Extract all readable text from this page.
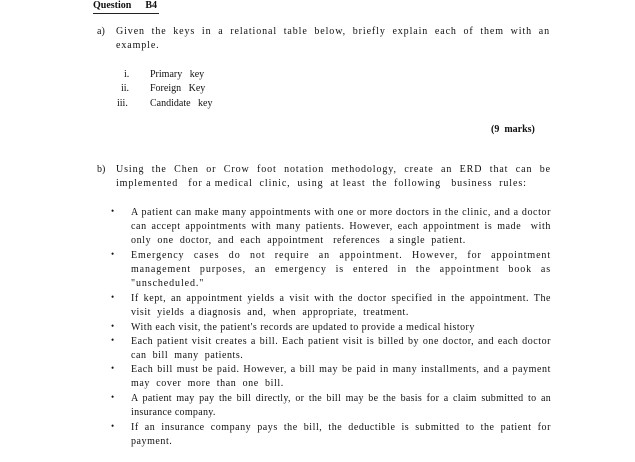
Question B4
a) Given the keys in a relational table below, briefly explain each of them with an example.
i. Primary   key
ii. Foreign   Key
iii. Candidate   key
(9  marks)
b) Using the Chen or Crow foot notation methodology, create an ERD that can be implemented   for a medical  clinic,  using  at least  the  following   business  rules:
• A patient can make many appointments with one or more doctors in the clinic, and a doctor can accept appointments with many patients. However, each appointment is made  with  only  one  doctor,  and  each  appointment   references   a single  patient.
• Emergency cases do not require an appointment. However, for appointment management purposes, an emergency is entered in the appointment book as "unscheduled."
• If kept, an appointment yields a visit with the doctor specified in the appointment. The  visit  yields  a diagnosis  and,  when  appropriate,  treatment.
• With each visit, the patient's records are updated to provide a medical history
• Each patient visit creates a bill. Each patient visit is billed by one doctor, and each doctor  can  bill  many  patients.
• Each bill must be paid. However, a bill may be paid in many installments, and a payment  may  cover  more  than  one  bill.
• A patient may pay the bill directly, or the bill may be the basis for a claim submitted to an insurance company.
• If an insurance company pays the bill, the deductible is submitted to the patient for payment.
